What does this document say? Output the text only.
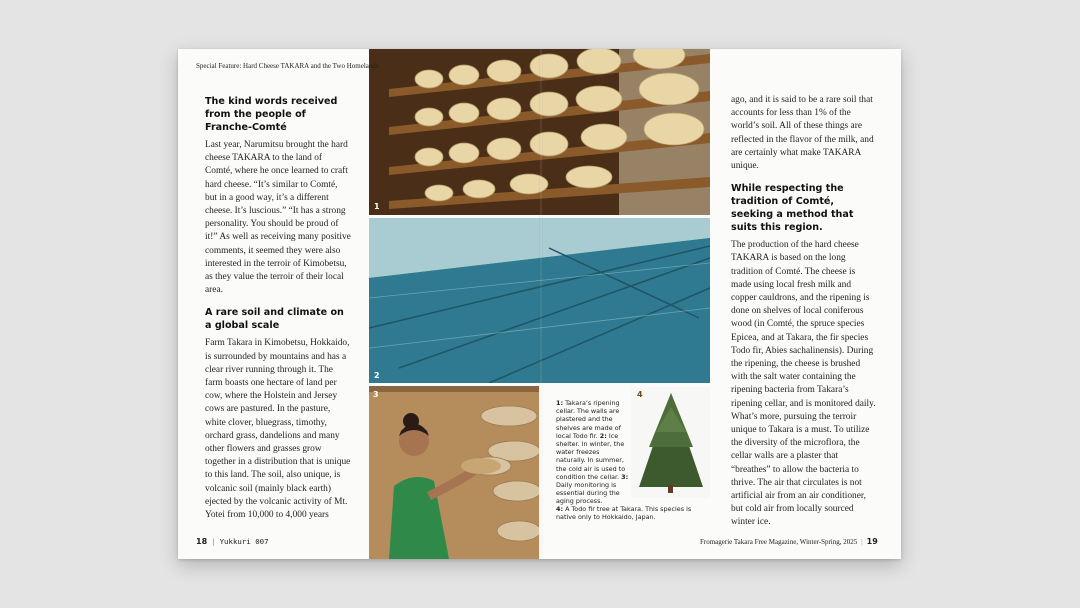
1
2
3	4
Special Feature: Hard Cheese TAKARA and the Two Homelands
The kind words received from the people of Franche-Comté

Last year, Narumitsu brought the hard cheese TAKARA to the land of Comté, where he once learned to craft hard cheese. “It’s similar to Comté, but in a good way, it’s a different cheese. It’s luscious.” “It has a strong personality. You should be proud of it!” As well as receiving many positive comments, it seemed they were also interested in the terroir of Kimobetsu, as they value the terroir of their local area.

A rare soil and climate on a global scale

Farm Takara in Kimobetsu, Hokkaido, is surrounded by mountains and has a clear river running through it. The farm boasts one hectare of land per cow, where the Holstein and Jersey cows are pastured. In the pasture, white clover, bluegrass, timothy, orchard grass, dandelions and many other flowers and grasses grow together in a distribution that is unique to this land. The soil, also unique, is volcanic soil (mainly black earth) ejected by the volcanic activity of Mt. Yotei from 10,000 to 4,000 years

ago, and it is said to be a rare soil that accounts for less than 1% of the world’s soil. All of these things are reflected in the flavor of the milk, and are certainly what make TAKARA unique.

While respecting the tradition of Comté, seeking a method that suits this region.

The production of the hard cheese TAKARA is based on the long tradition of Comté. The cheese is made using local fresh milk and copper cauldrons, and the ripening is done on shelves of local coniferous wood (in Comté, the spruce species Epicea, and at Takara, the fir species Todo fir, Abies sachalinensis). During the ripening, the cheese is brushed with the salt water containing the ripening bacteria from Takara’s ripening cellar, and is monitored daily.

What’s more, pursuing the terroir unique to Takara is a must. To utilize the diversity of the microflora, the cellar walls are a plaster that “breathes” to allow the bacteria to thrive. The air that circulates is not artificial air from an air conditioner, but cold air from locally sourced winter ice.

1: Takara’s ripening cellar. The walls are plastered and the shelves are made of local Todo fir. 2: Ice shelter. In winter, the water freezes naturally. In summer, the cold air is used to condition the cellar. 3: Daily monitoring is essential during the aging process.
4: A Todo fir tree at Takara. This species is native only to Hokkaido, Japan.
18 | Yukkuri 007	Fromagerie Takara Free Magazine, Winter-Spring, 2025 | 19
